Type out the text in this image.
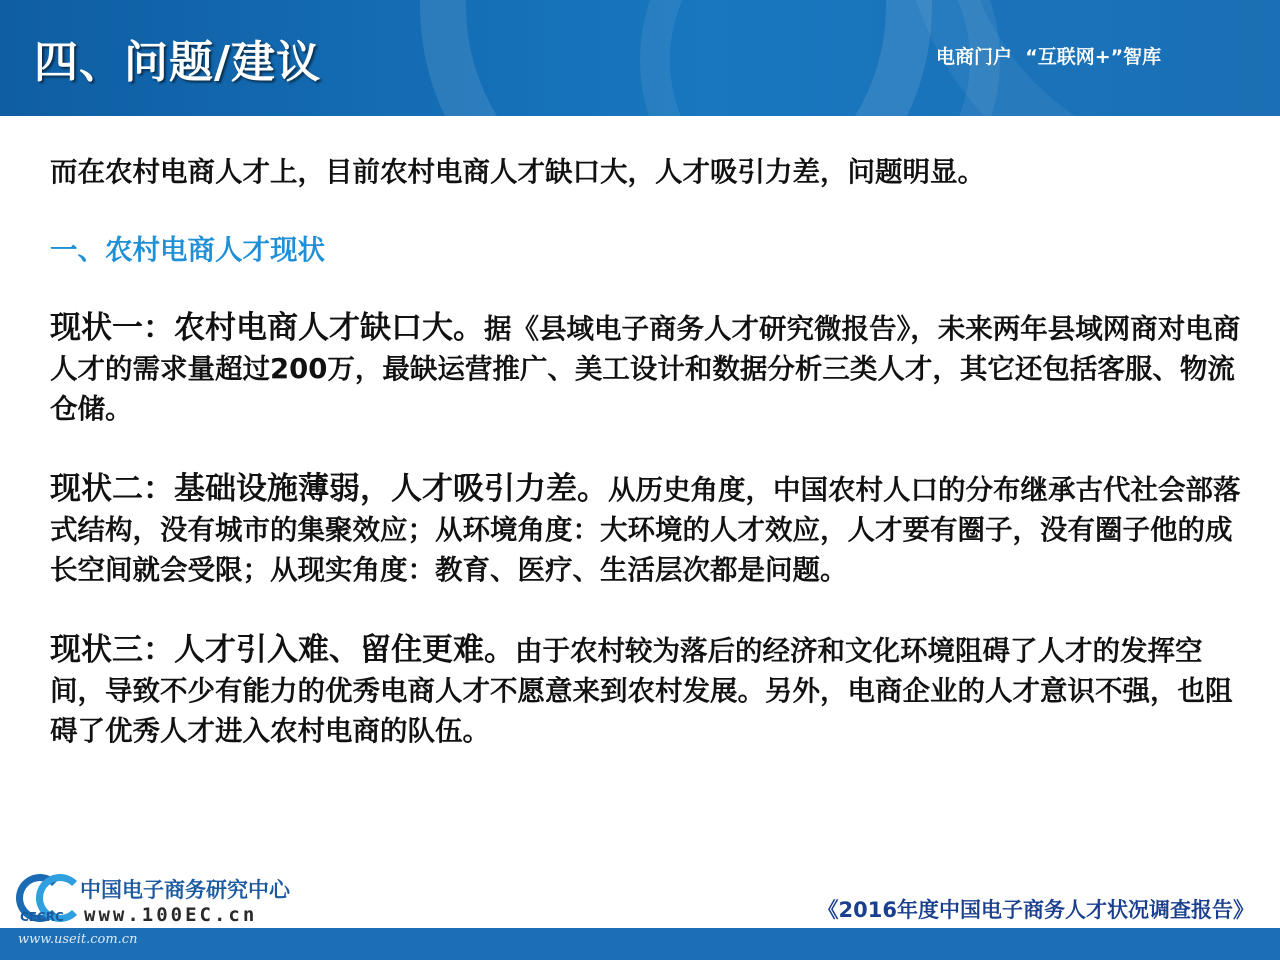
四、问题/建议	电商门户  “互联网+”智库

而在农村电商人才上，目前农村电商人才缺口大，人才吸引力差，问题明显。

一、农村电商人才现状

现状一：农村电商人才缺口大。据《县域电子商务人才研究微报告》，未来两年县域网商对电商人才的需求量超过200万，最缺运营推广、美工设计和数据分析三类人才，其它还包括客服、物流仓储。

现状二：基础设施薄弱，人才吸引力差。从历史角度，中国农村人口的分布继承古代社会部落式结构，没有城市的集聚效应；从环境角度：大环境的人才效应，人才要有圈子，没有圈子他的成长空间就会受限；从现实角度：教育、医疗、生活层次都是问题。

现状三：人才引入难、留住更难。由于农村较为落后的经济和文化环境阻碍了人才的发挥空间，导致不少有能力的优秀电商人才不愿意来到农村发展。另外，电商企业的人才意识不强，也阻碍了优秀人才进入农村电商的队伍。

中国电子商务研究中心
CECRC www.100EC.cn	《2016年度中国电子商务人才状况调查报告》
www.useit.com.cn
